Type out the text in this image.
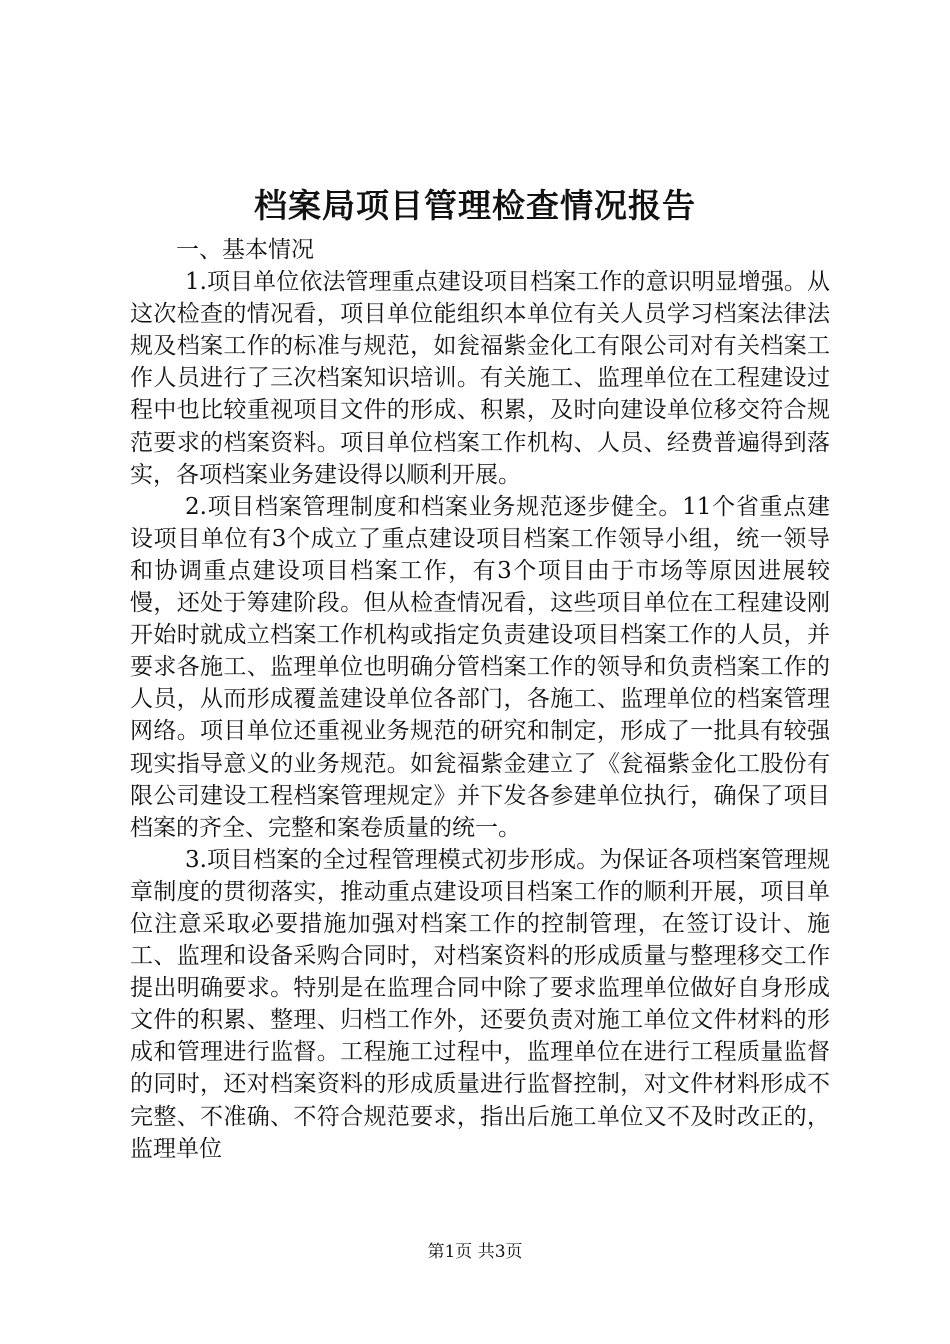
档案局项目管理检查情况报告

一、基本情况

1.项目单位依法管理重点建设项目档案工作的意识明显增强。从这次检查的情况看，项目单位能组织本单位有关人员学习档案法律法规及档案工作的标准与规范，如瓮福紫金化工有限公司对有关档案工作人员进行了三次档案知识培训。有关施工、监理单位在工程建设过程中也比较重视项目文件的形成、积累，及时向建设单位移交符合规范要求的档案资料。项目单位档案工作机构、人员、经费普遍得到落实，各项档案业务建设得以顺利开展。

2.项目档案管理制度和档案业务规范逐步健全。11个省重点建设项目单位有3个成立了重点建设项目档案工作领导小组，统一领导和协调重点建设项目档案工作，有3个项目由于市场等原因进展较慢，还处于筹建阶段。但从检查情况看，这些项目单位在工程建设刚开始时就成立档案工作机构或指定负责建设项目档案工作的人员，并要求各施工、监理单位也明确分管档案工作的领导和负责档案工作的人员，从而形成覆盖建设单位各部门，各施工、监理单位的档案管理网络。项目单位还重视业务规范的研究和制定，形成了一批具有较强现实指导意义的业务规范。如瓮福紫金建立了《瓮福紫金化工股份有限公司建设工程档案管理规定》并下发各参建单位执行，确保了项目档案的齐全、完整和案卷质量的统一。

3.项目档案的全过程管理模式初步形成。为保证各项档案管理规章制度的贯彻落实，推动重点建设项目档案工作的顺利开展，项目单位注意采取必要措施加强对档案工作的控制管理，在签订设计、施工、监理和设备采购合同时，对档案资料的形成质量与整理移交工作提出明确要求。特别是在监理合同中除了要求监理单位做好自身形成文件的积累、整理、归档工作外，还要负责对施工单位文件材料的形成和管理进行监督。工程施工过程中，监理单位在进行工程质量监督的同时，还对档案资料的形成质量进行监督控制，对文件材料形成不完整、不准确、不符合规范要求，指出后施工单位又不及时改正的，监理单位

第1页 共3页
